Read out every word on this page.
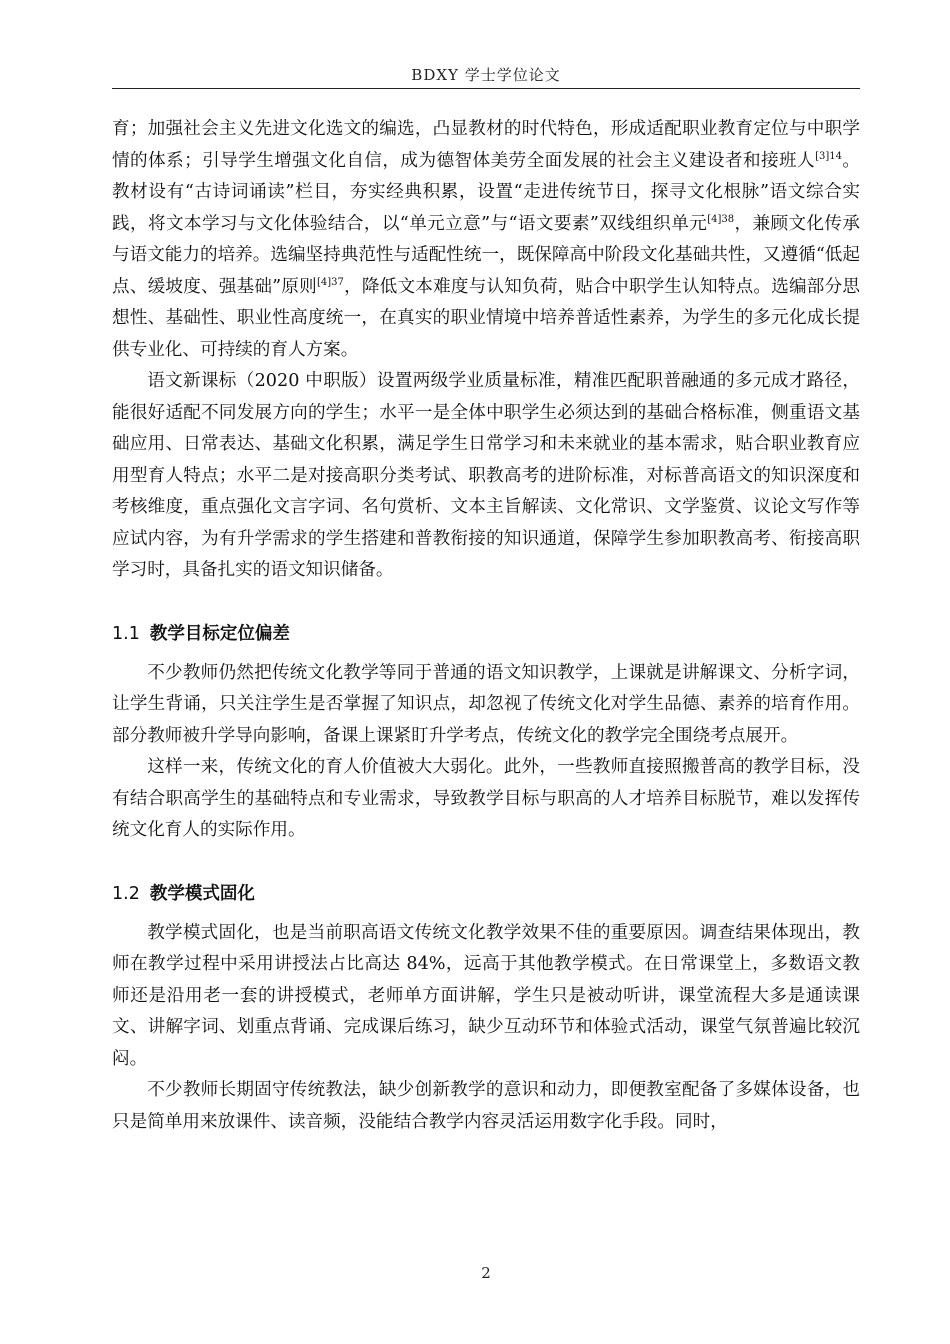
BDXY 学士学位论文

育；加强社会主义先进文化选文的编选，凸显教材的时代特色，形成适配职业教育定位与中职学情的体系；引导学生增强文化自信，成为德智体美劳全面发展的社会主义建设者和接班人$^{[3]14}$。教材设有“古诗词诵读”栏目，夯实经典积累，设置“走进传统节日，探寻文化根脉”语文综合实践，将文本学习与文化体验结合，以“单元立意”与“语文要素”双线组织单元$^{[4]38}$，兼顾文化传承与语文能力的培养。选编坚持典范性与适配性统一，既保障高中阶段文化基础共性，又遵循“低起点、缓坡度、强基础”原则$^{[4]37}$，降低文本难度与认知负荷，贴合中职学生认知特点。选编部分思想性、基础性、职业性高度统一，在真实的职业情境中培养普适性素养，为学生的多元化成长提供专业化、可持续的育人方案。

语文新课标（2020 中职版）设置两级学业质量标准，精准匹配职普融通的多元成才路径，能很好适配不同发展方向的学生；水平一是全体中职学生必须达到的基础合格标准，侧重语文基础应用、日常表达、基础文化积累，满足学生日常学习和未来就业的基本需求，贴合职业教育应用型育人特点；水平二是对接高职分类考试、职教高考的进阶标准，对标普高语文的知识深度和考核维度，重点强化文言字词、名句赏析、文本主旨解读、文化常识、文学鉴赏、议论文写作等应试内容，为有升学需求的学生搭建和普教衔接的知识通道，保障学生参加职教高考、衔接高职学习时，具备扎实的语文知识储备。

1.1 教学目标定位偏差

不少教师仍然把传统文化教学等同于普通的语文知识教学，上课就是讲解课文、分析字词，让学生背诵，只关注学生是否掌握了知识点，却忽视了传统文化对学生品德、素养的培育作用。部分教师被升学导向影响，备课上课紧盯升学考点，传统文化的教学完全围绕考点展开。

这样一来，传统文化的育人价值被大大弱化。此外，一些教师直接照搬普高的教学目标，没有结合职高学生的基础特点和专业需求，导致教学目标与职高的人才培养目标脱节，难以发挥传统文化育人的实际作用。

1.2 教学模式固化

教学模式固化，也是当前职高语文传统文化教学效果不佳的重要原因。调查结果体现出，教师在教学过程中采用讲授法占比高达 84%，远高于其他教学模式。在日常课堂上，多数语文教师还是沿用老一套的讲授模式，老师单方面讲解，学生只是被动听讲，课堂流程大多是通读课文、讲解字词、划重点背诵、完成课后练习，缺少互动环节和体验式活动，课堂气氛普遍比较沉闷。

不少教师长期固守传统教法，缺少创新教学的意识和动力，即便教室配备了多媒体设备，也只是简单用来放课件、读音频，没能结合教学内容灵活运用数字化手段。同时，

2
